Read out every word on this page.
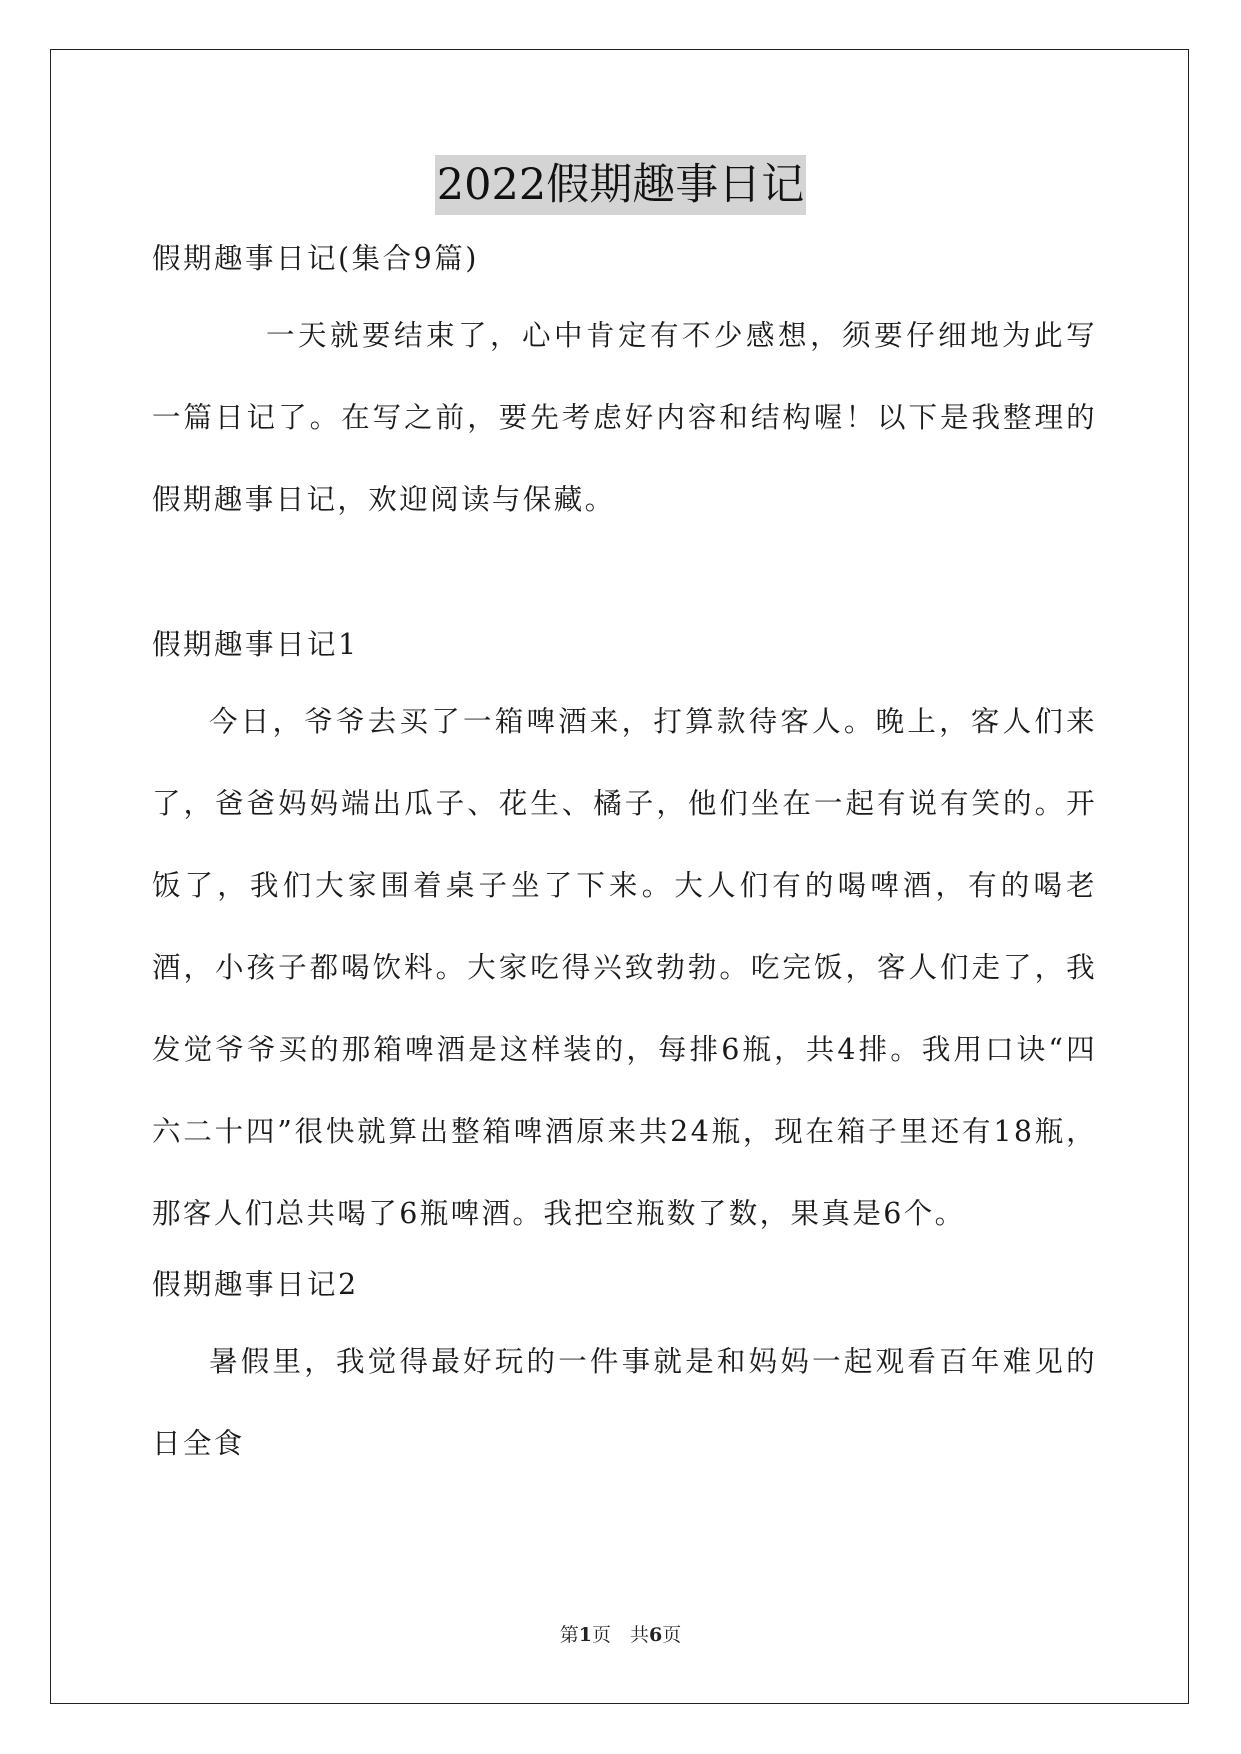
2022假期趣事日记
假期趣事日记(集合9篇)

一天就要结束了，心中肯定有不少感想，须要仔细地为此写一篇日记了。在写之前，要先考虑好内容和结构喔！以下是我整理的假期趣事日记，欢迎阅读与保藏。

假期趣事日记1

今日，爷爷去买了一箱啤酒来，打算款待客人。晚上，客人们来了，爸爸妈妈端出瓜子、花生、橘子，他们坐在一起有说有笑的。开饭了，我们大家围着桌子坐了下来。大人们有的喝啤酒，有的喝老酒，小孩子都喝饮料。大家吃得兴致勃勃。吃完饭，客人们走了，我发觉爷爷买的那箱啤酒是这样装的，每排6瓶，共4排。我用口诀“四六二十四”很快就算出整箱啤酒原来共24瓶，现在箱子里还有18瓶，那客人们总共喝了6瓶啤酒。我把空瓶数了数，果真是6个。

假期趣事日记2

暑假里，我觉得最好玩的一件事就是和妈妈一起观看百年难见的日全食

第1页　共6页
